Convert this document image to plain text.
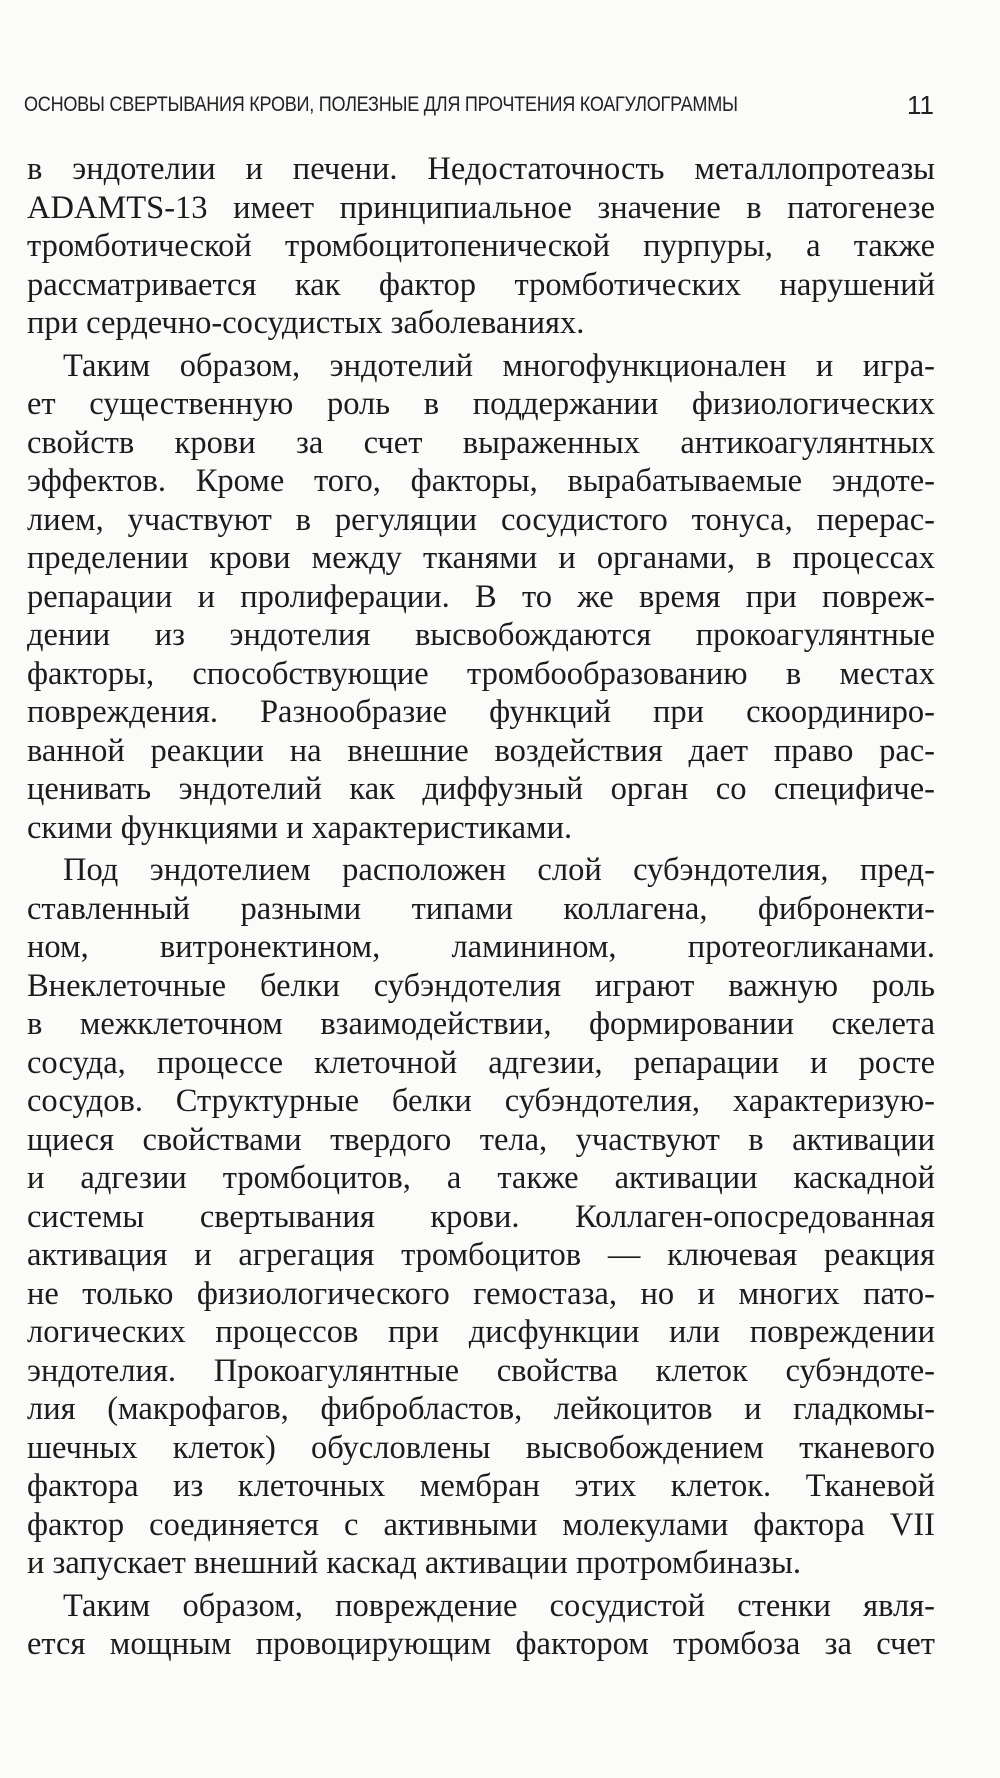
ОСНОВЫ СВЕРТЫВАНИЯ КРОВИ, ПОЛЕЗНЫЕ ДЛЯ ПРОЧТЕНИЯ КОАГУЛОГРАММЫ	11
в эндотелии и печени. Недостаточность металлопротеазы
ADAMTS-13 имеет принципиальное значение в патогенезе
тромботической тромбоцитопенической пурпуры, а также
рассматривается как фактор тромботических нарушений
при сердечно-сосудистых заболеваниях.
Таким образом, эндотелий многофункционален и игра-
ет существенную роль в поддержании физиологических
свойств крови за счет выраженных антикоагулянтных
эффектов. Кроме того, факторы, вырабатываемые эндоте-
лием, участвуют в регуляции сосудистого тонуса, перерас-
пределении крови между тканями и органами, в процессах
репарации и пролиферации. В то же время при повреж-
дении из эндотелия высвобождаются прокоагулянтные
факторы, способствующие тромбообразованию в местах
повреждения. Разнообразие функций при скоординиро-
ванной реакции на внешние воздействия дает право рас-
ценивать эндотелий как диффузный орган со специфиче-
скими функциями и характеристиками.
Под эндотелием расположен слой субэндотелия, пред-
ставленный разными типами коллагена, фибронекти-
ном, витронектином, ламинином, протеогликанами.
Внеклеточные белки субэндотелия играют важную роль
в межклеточном взаимодействии, формировании скелета
сосуда, процессе клеточной адгезии, репарации и росте
сосудов. Структурные белки субэндотелия, характеризую-
щиеся свойствами твердого тела, участвуют в активации
и адгезии тромбоцитов, а также активации каскадной
системы свертывания крови. Коллаген-опосредованная
активация и агрегация тромбоцитов — ключевая реакция
не только физиологического гемостаза, но и многих пато-
логических процессов при дисфункции или повреждении
эндотелия. Прокоагулянтные свойства клеток субэндоте-
лия (макрофагов, фибробластов, лейкоцитов и гладкомы-
шечных клеток) обусловлены высвобождением тканевого
фактора из клеточных мембран этих клеток. Тканевой
фактор соединяется с активными молекулами фактора VII
и запускает внешний каскад активации протромбиназы.
Таким образом, повреждение сосудистой стенки явля-
ется мощным провоцирующим фактором тромбоза за счет
